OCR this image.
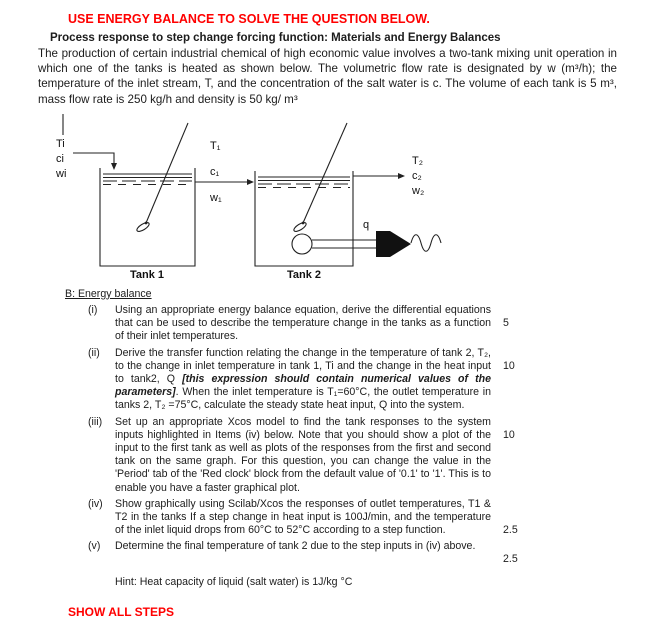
USE ENERGY BALANCE TO SOLVE THE QUESTION BELOW.
Process response to step change forcing function: Materials and Energy Balances

The production of certain industrial chemical of high economic value involves a two-tank mixing unit operation in which one of the tanks is heated as shown below. The volumetric flow rate is designated by w (m³/h); the temperature of the inlet stream, T, and the concentration of the salt water is c. The volume of each tank is 5 m³, mass flow rate is 250 kg/h and density is 50 kg/ m³

Ti
ci
wi
T₁
c₁
w₁
T₂
c₂
w₂
q
Tank 1	Tank 2
B: Energy balance
(i)	Using an appropriate energy balance equation, derive the differential equations that can be used to describe the temperature change in the tanks as a function of their inlet temperatures.
5
(ii)	Derive the transfer function relating the change in the temperature of tank 2, T₂, to the change in inlet temperature in tank 1, Ti and the change in the heat input to tank2, Q [this expression should contain numerical values of the parameters]. When the inlet temperature is T₁=60°C, the outlet temperature in tanks 2, T₂ =75°C, calculate the steady state heat input, Q into the system.
10
(iii)	Set up an appropriate Xcos model to find the tank responses to the system inputs highlighted in Items (iv) below. Note that you should show a plot of the input to the first tank as well as plots of the responses from the first and second tank on the same graph. For this question, you can change the value in the 'Period' tab of the 'Red clock' block from the default value of '0.1' to '1'. This is to enable you have a faster graphical plot.
10
(iv)	Show graphically using Scilab/Xcos the responses of outlet temperatures, T1 & T2 in the tanks If a step change in heat input is 100J/min, and the temperature of the inlet liquid drops from 60°C to 52°C according to a step function.	2.5
(v)	Determine the final temperature of tank 2 due to the step inputs in (iv) above.
2.5
Hint: Heat capacity of liquid (salt water) is 1J/kg °C
SHOW ALL STEPS
